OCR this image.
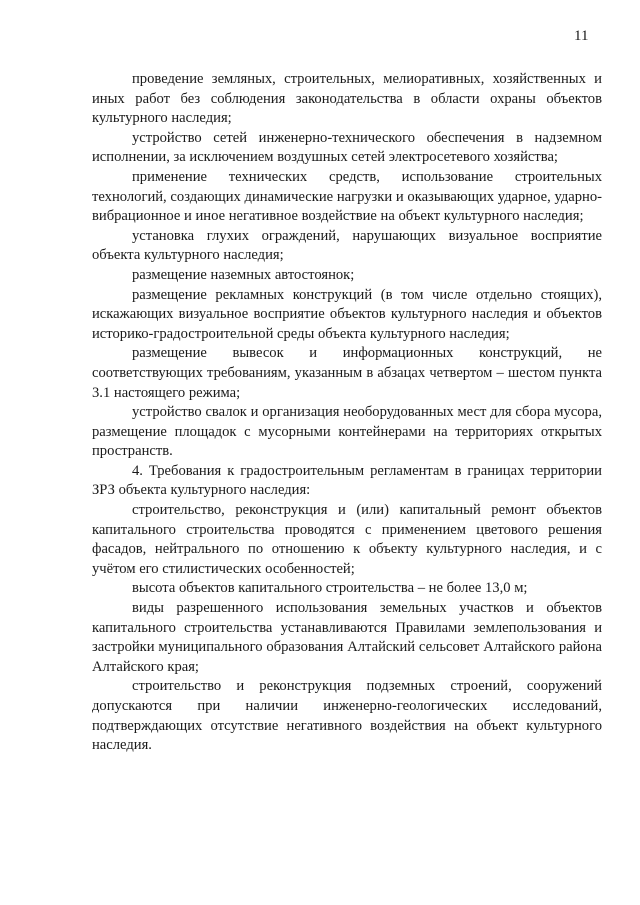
11

проведение земляных, строительных, мелиоративных, хозяйственных и иных работ без соблюдения законодательства в области охраны объектов культурного наследия;

устройство сетей инженерно-технического обеспечения в надземном исполнении, за исключением воздушных сетей электросетевого хозяйства;

применение технических средств, использование строительных технологий, создающих динамические нагрузки и оказывающих ударное, ударно-вибрационное и иное негативное воздействие на объект культурного наследия;

установка глухих ограждений, нарушающих визуальное восприятие объекта культурного наследия;

размещение наземных автостоянок;

размещение рекламных конструкций (в том числе отдельно стоящих), искажающих визуальное восприятие объектов культурного наследия и объектов историко-градостроительной среды объекта культурного наследия;

размещение вывесок и информационных конструкций, не соответствующих требованиям, указанным в абзацах четвертом – шестом пункта 3.1 настоящего режима;

устройство свалок и организация необорудованных мест для сбора мусора, размещение площадок с мусорными контейнерами на территориях открытых пространств.

4. Требования к градостроительным регламентам в границах территории ЗРЗ объекта культурного наследия:

строительство, реконструкция и (или) капитальный ремонт объектов капитального строительства проводятся с применением цветового решения фасадов, нейтрального по отношению к объекту культурного наследия, и с учётом его стилистических особенностей;

высота объектов капитального строительства – не более 13,0 м;

виды разрешенного использования земельных участков и объектов капитального строительства устанавливаются Правилами землепользования и застройки муниципального образования Алтайский сельсовет Алтайского района Алтайского края;

строительство и реконструкция подземных строений, сооружений допускаются при наличии инженерно-геологических исследований, подтверждающих отсутствие негативного воздействия на объект культурного наследия.
